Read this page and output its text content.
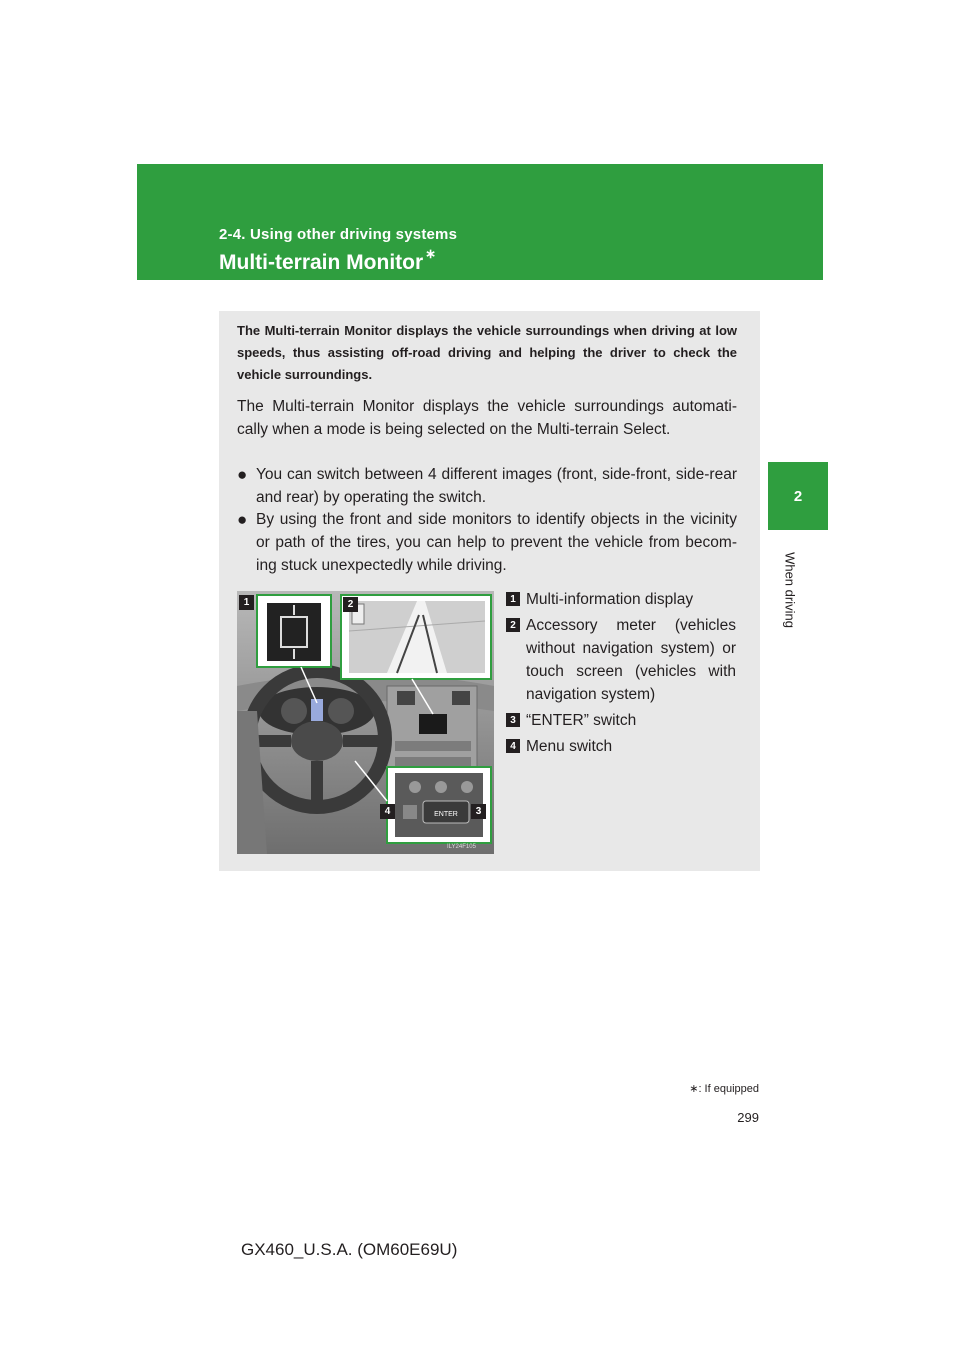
2-4. Using other driving systems
Multi-terrain Monitor ∗
2
When driving
The Multi-terrain Monitor displays the vehicle surroundings when driving at low speeds, thus assisting off-road driving and helping the driver to check the vehicle surroundings.
The Multi-terrain Monitor displays the vehicle surroundings automati-cally when a mode is being selected on the Multi-terrain Select.
● You can switch between 4 different images (front, side-front, side-rear and rear) by operating the switch.
● By using the front and side monitors to identify objects in the vicinity or path of the tires, you can help to prevent the vehicle from becom-ing stuck unexpectedly while driving.
ENTER
1	2
3
4
ILY24F105
1 Multi-information display
2 Accessory meter (vehicles without navigation system) or touch screen (vehicles with navigation system)
3 “ENTER” switch
4 Menu switch
∗: If equipped
299
GX460_U.S.A. (OM60E69U)
